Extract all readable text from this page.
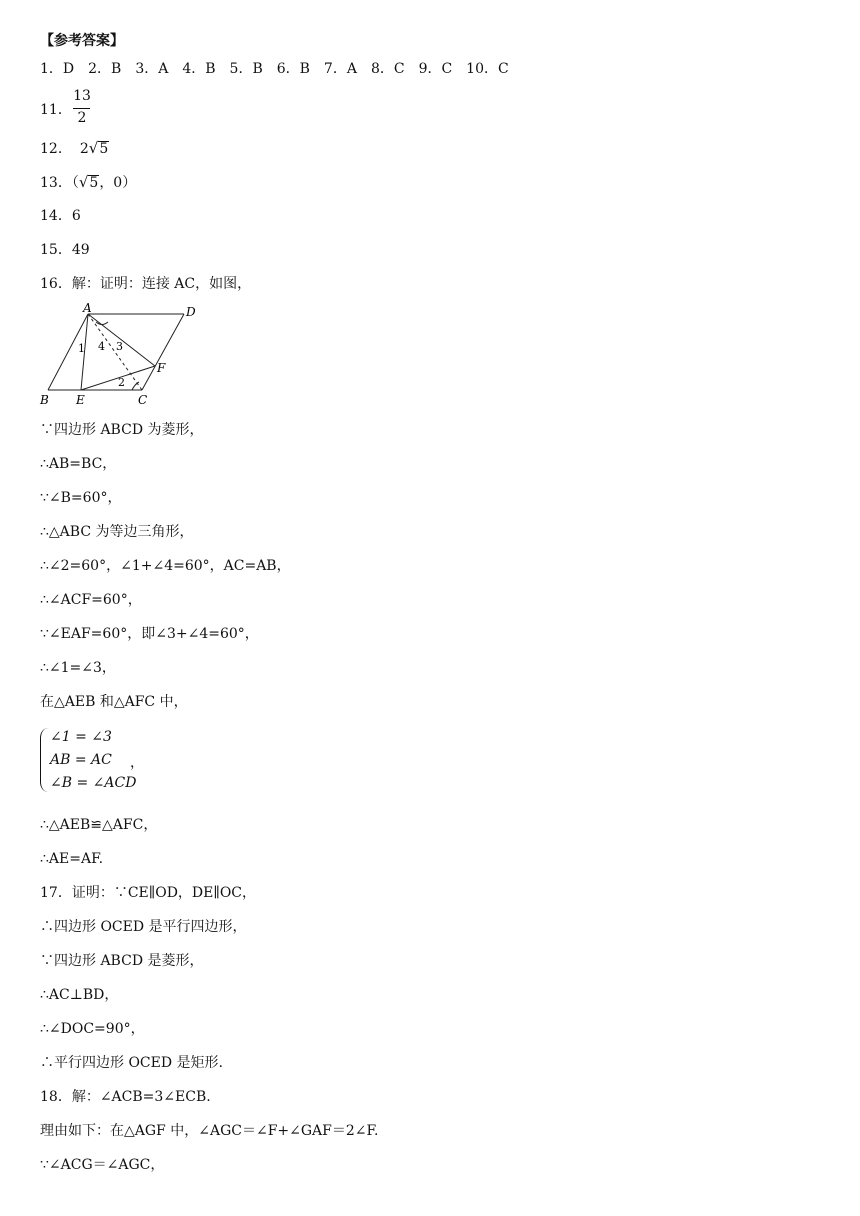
【参考答案】
1．D　2．B　3．A　4．B　5．B　6．B　7．A　8．C　9．C　10．C
11．
13
2
12． 2√5
13．（√5，0）
14．6
15．49
16．解：证明：连接 AC，如图，
A	D
B E	C
F
1
2
3
4
∵四边形 ABCD 为菱形，
∴AB=BC，
∵∠B=60°，
∴△ABC 为等边三角形，
∴∠2=60°，∠1+∠4=60°，AC=AB，
∴∠ACF=60°，
∵∠EAF=60°，即∠3+∠4=60°，
∴∠1=∠3，
在△AEB 和△AFC 中，
∠1 = ∠3
AB = AC ，
∠B = ∠ACD
∴△AEB≌△AFC，
∴AE=AF.
17．证明：∵CE∥OD，DE∥OC，
∴四边形 OCED 是平行四边形，
∵四边形 ABCD 是菱形，
∴AC⊥BD，
∴∠DOC=90°，
∴平行四边形 OCED 是矩形.
18．解：∠ACB=3∠ECB.
理由如下：在△AGF 中，∠AGC＝∠F+∠GAF＝2∠F.
∵∠ACG＝∠AGC，
